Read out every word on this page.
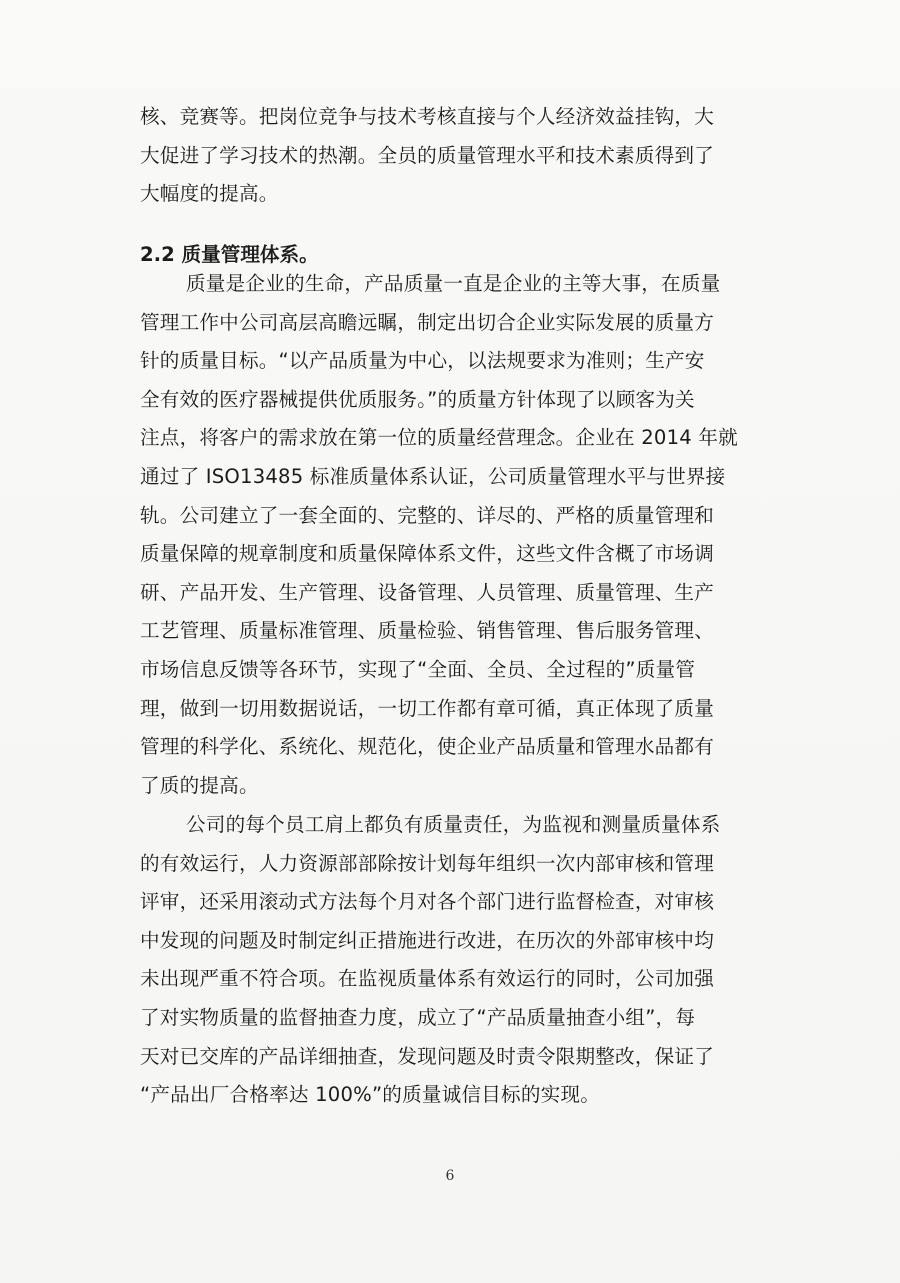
核、竞赛等。把岗位竞争与技术考核直接与个人经济效益挂钩，大
大促进了学习技术的热潮。全员的质量管理水平和技术素质得到了
大幅度的提高。
2.2 质量管理体系。
质量是企业的生命，产品质量一直是企业的主等大事，在质量
管理工作中公司高层高瞻远瞩，制定出切合企业实际发展的质量方
针的质量目标。“以产品质量为中心，以法规要求为准则；生产安
全有效的医疗器械提供优质服务。”的质量方针体现了以顾客为关
注点，将客户的需求放在第一位的质量经营理念。企业在 2014 年就
通过了 ISO13485 标准质量体系认证，公司质量管理水平与世界接
轨。公司建立了一套全面的、完整的、详尽的、严格的质量管理和
质量保障的规章制度和质量保障体系文件，这些文件含概了市场调
研、产品开发、生产管理、设备管理、人员管理、质量管理、生产
工艺管理、质量标准管理、质量检验、销售管理、售后服务管理、
市场信息反馈等各环节，实现了“全面、全员、全过程的”质量管
理，做到一切用数据说话，一切工作都有章可循，真正体现了质量
管理的科学化、系统化、规范化，使企业产品质量和管理水品都有
了质的提高。
公司的每个员工肩上都负有质量责任，为监视和测量质量体系
的有效运行，人力资源部部除按计划每年组织一次内部审核和管理
评审，还采用滚动式方法每个月对各个部门进行监督检查，对审核
中发现的问题及时制定纠正措施进行改进，在历次的外部审核中均
未出现严重不符合项。在监视质量体系有效运行的同时，公司加强
了对实物质量的监督抽查力度，成立了“产品质量抽查小组”，每
天对已交库的产品详细抽查，发现问题及时责令限期整改，保证了
“产品出厂合格率达 100%”的质量诚信目标的实现。
6
